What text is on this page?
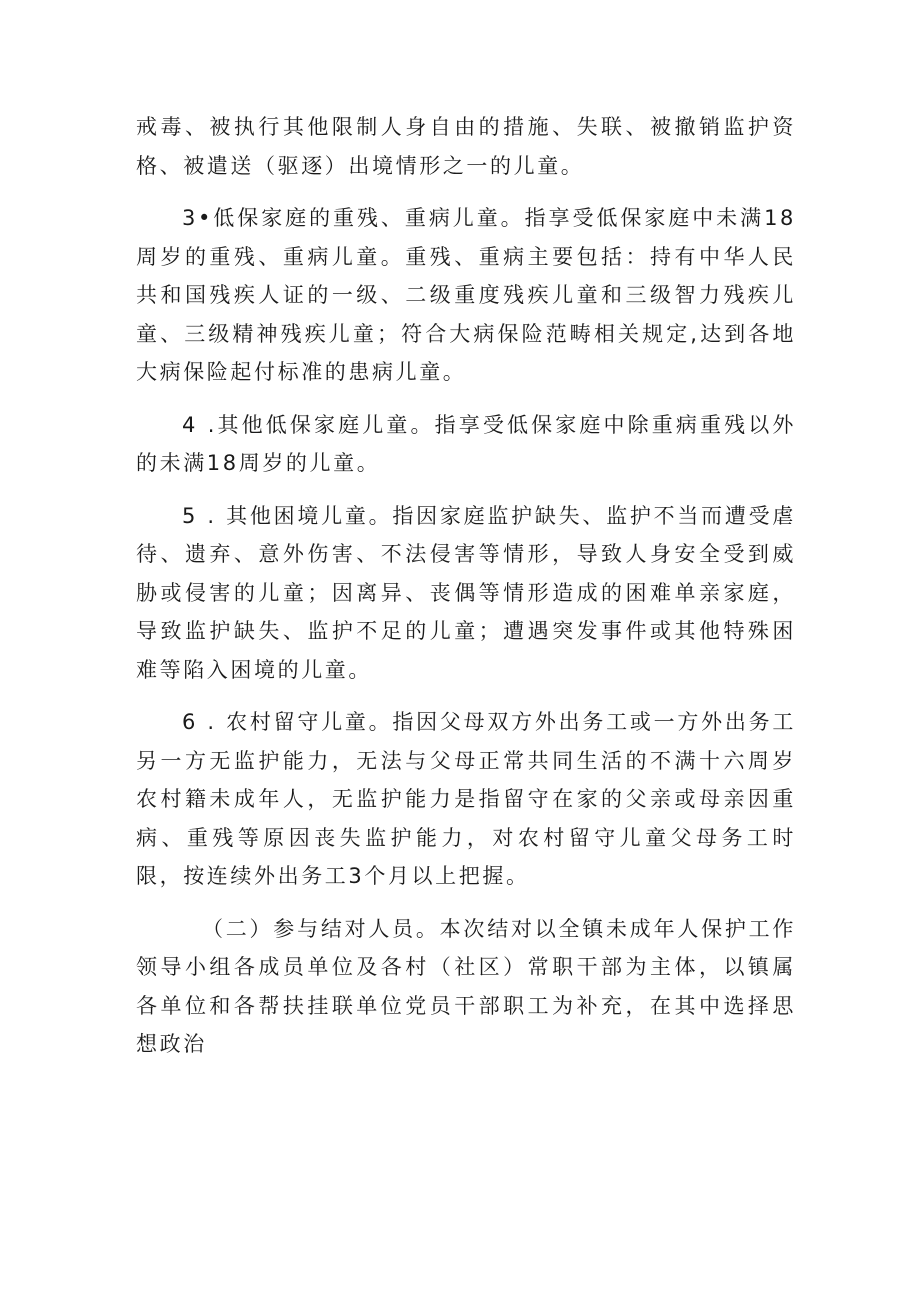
戒毒、被执行其他限制人身自由的措施、失联、被撤销监护资格、被遣送（驱逐）出境情形之一的儿童。

3•低保家庭的重残、重病儿童。指享受低保家庭中未满18周岁的重残、重病儿童。重残、重病主要包括：持有中华人民共和国残疾人证的一级、二级重度残疾儿童和三级智力残疾儿童、三级精神残疾儿童；符合大病保险范畴相关规定,达到各地大病保险起付标准的患病儿童。

4 .其他低保家庭儿童。指享受低保家庭中除重病重残以外的未满18周岁的儿童。

5 . 其他困境儿童。指因家庭监护缺失、监护不当而遭受虐待、遗弃、意外伤害、不法侵害等情形，导致人身安全受到威胁或侵害的儿童；因离异、丧偶等情形造成的困难单亲家庭，导致监护缺失、监护不足的儿童；遭遇突发事件或其他特殊困难等陷入困境的儿童。

6 . 农村留守儿童。指因父母双方外出务工或一方外出务工另一方无监护能力，无法与父母正常共同生活的不满十六周岁农村籍未成年人，无监护能力是指留守在家的父亲或母亲因重病、重残等原因丧失监护能力，对农村留守儿童父母务工时限，按连续外出务工3个月以上把握。

（二）参与结对人员。本次结对以全镇未成年人保护工作领导小组各成员单位及各村（社区）常职干部为主体，以镇属各单位和各帮扶挂联单位党员干部职工为补充，在其中选择思想政治
